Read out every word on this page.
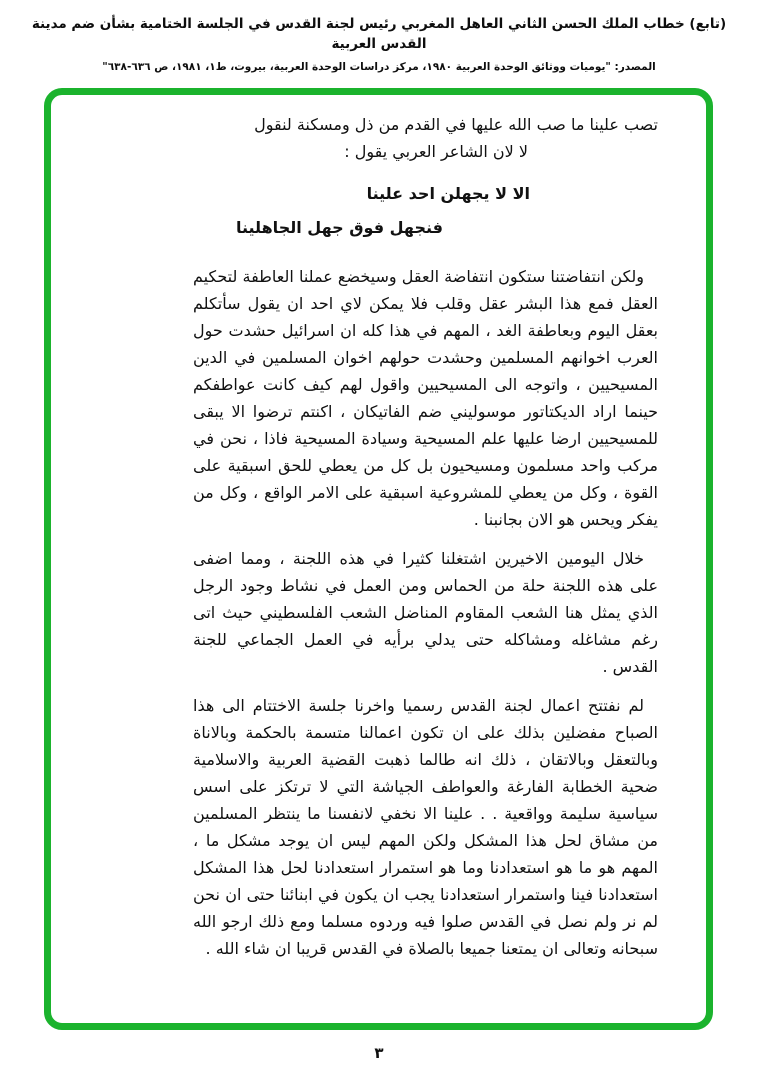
(تابع) خطاب الملك الحسن الثاني العاهل المغربي رئيس لجنة القدس في الجلسة الختامية بشأن ضم مدينة القدس العربية
المصدر: "يوميات ووثائق الوحدة العربية ١٩٨٠، مركز دراسات الوحدة العربية، بيروت، ط١، ١٩٨١، ص ٦٣٦-٦٣٨"

تصب علينا ما صب الله عليها في القدم من ذل ومسكنة لنقول
لا لان الشاعر العربي يقول :

الا لا يجهلن احد علينا
فنجهل فوق جهل الجاهلينا

ولكن انتفاضتنا ستكون انتفاضة العقل وسيخضع عملنا العاطفة لتحكيم العقل فمع هذا البشر عقل وقلب فلا يمكن لاي احد ان يقول سأتكلم بعقل اليوم وبعاطفة الغد ، المهم في هذا كله ان اسرائيل حشدت حول العرب اخوانهم المسلمين وحشدت حولهم اخوان المسلمين في الدين المسيحيين ، واتوجه الى المسيحيين واقول لهم كيف كانت عواطفكم حينما اراد الديكتاتور موسوليني ضم الفاتيكان ، اكنتم ترضوا الا يبقى للمسيحيين ارضا عليها علم المسيحية وسيادة المسيحية فاذا ، نحن في مركب واحد مسلمون ومسيحيون بل كل من يعطي للحق اسبقية على القوة ، وكل من يعطي للمشروعية اسبقية على الامر الواقع ، وكل من يفكر ويحس هو الان بجانبنا .

خلال اليومين الاخيرين اشتغلنا كثيرا في هذه اللجنة ، ومما اضفى على هذه اللجنة حلة من الحماس ومن العمل في نشاط وجود الرجل الذي يمثل هنا الشعب المقاوم المناضل الشعب الفلسطيني حيث اتى رغم مشاغله ومشاكله حتى يدلي برأيه في العمل الجماعي للجنة القدس .

لم نفتتح اعمال لجنة القدس رسميا واخرنا جلسة الاختتام الى هذا الصباح مفضلين بذلك على ان تكون اعمالنا متسمة بالحكمة وبالاناة وبالتعقل وبالاتقان ، ذلك انه طالما ذهبت القضية العربية والاسلامية ضحية الخطابة الفارغة والعواطف الجياشة التي لا ترتكز على اسس سياسية سليمة وواقعية . . علينا الا نخفي لانفسنا ما ينتظر المسلمين من مشاق لحل هذا المشكل ولكن المهم ليس ان يوجد مشكل ما ، المهم هو ما هو استعدادنا وما هو استمرار استعدادنا لحل هذا المشكل استعدادنا فينا واستمرار استعدادنا يجب ان يكون في ابنائنا حتى ان نحن لم نر ولم نصل في القدس صلوا فيه وردوه مسلما ومع ذلك ارجو الله سبحانه وتعالى ان يمتعنا جميعا بالصلاة في القدس قريبا ان شاء الله .

٣
